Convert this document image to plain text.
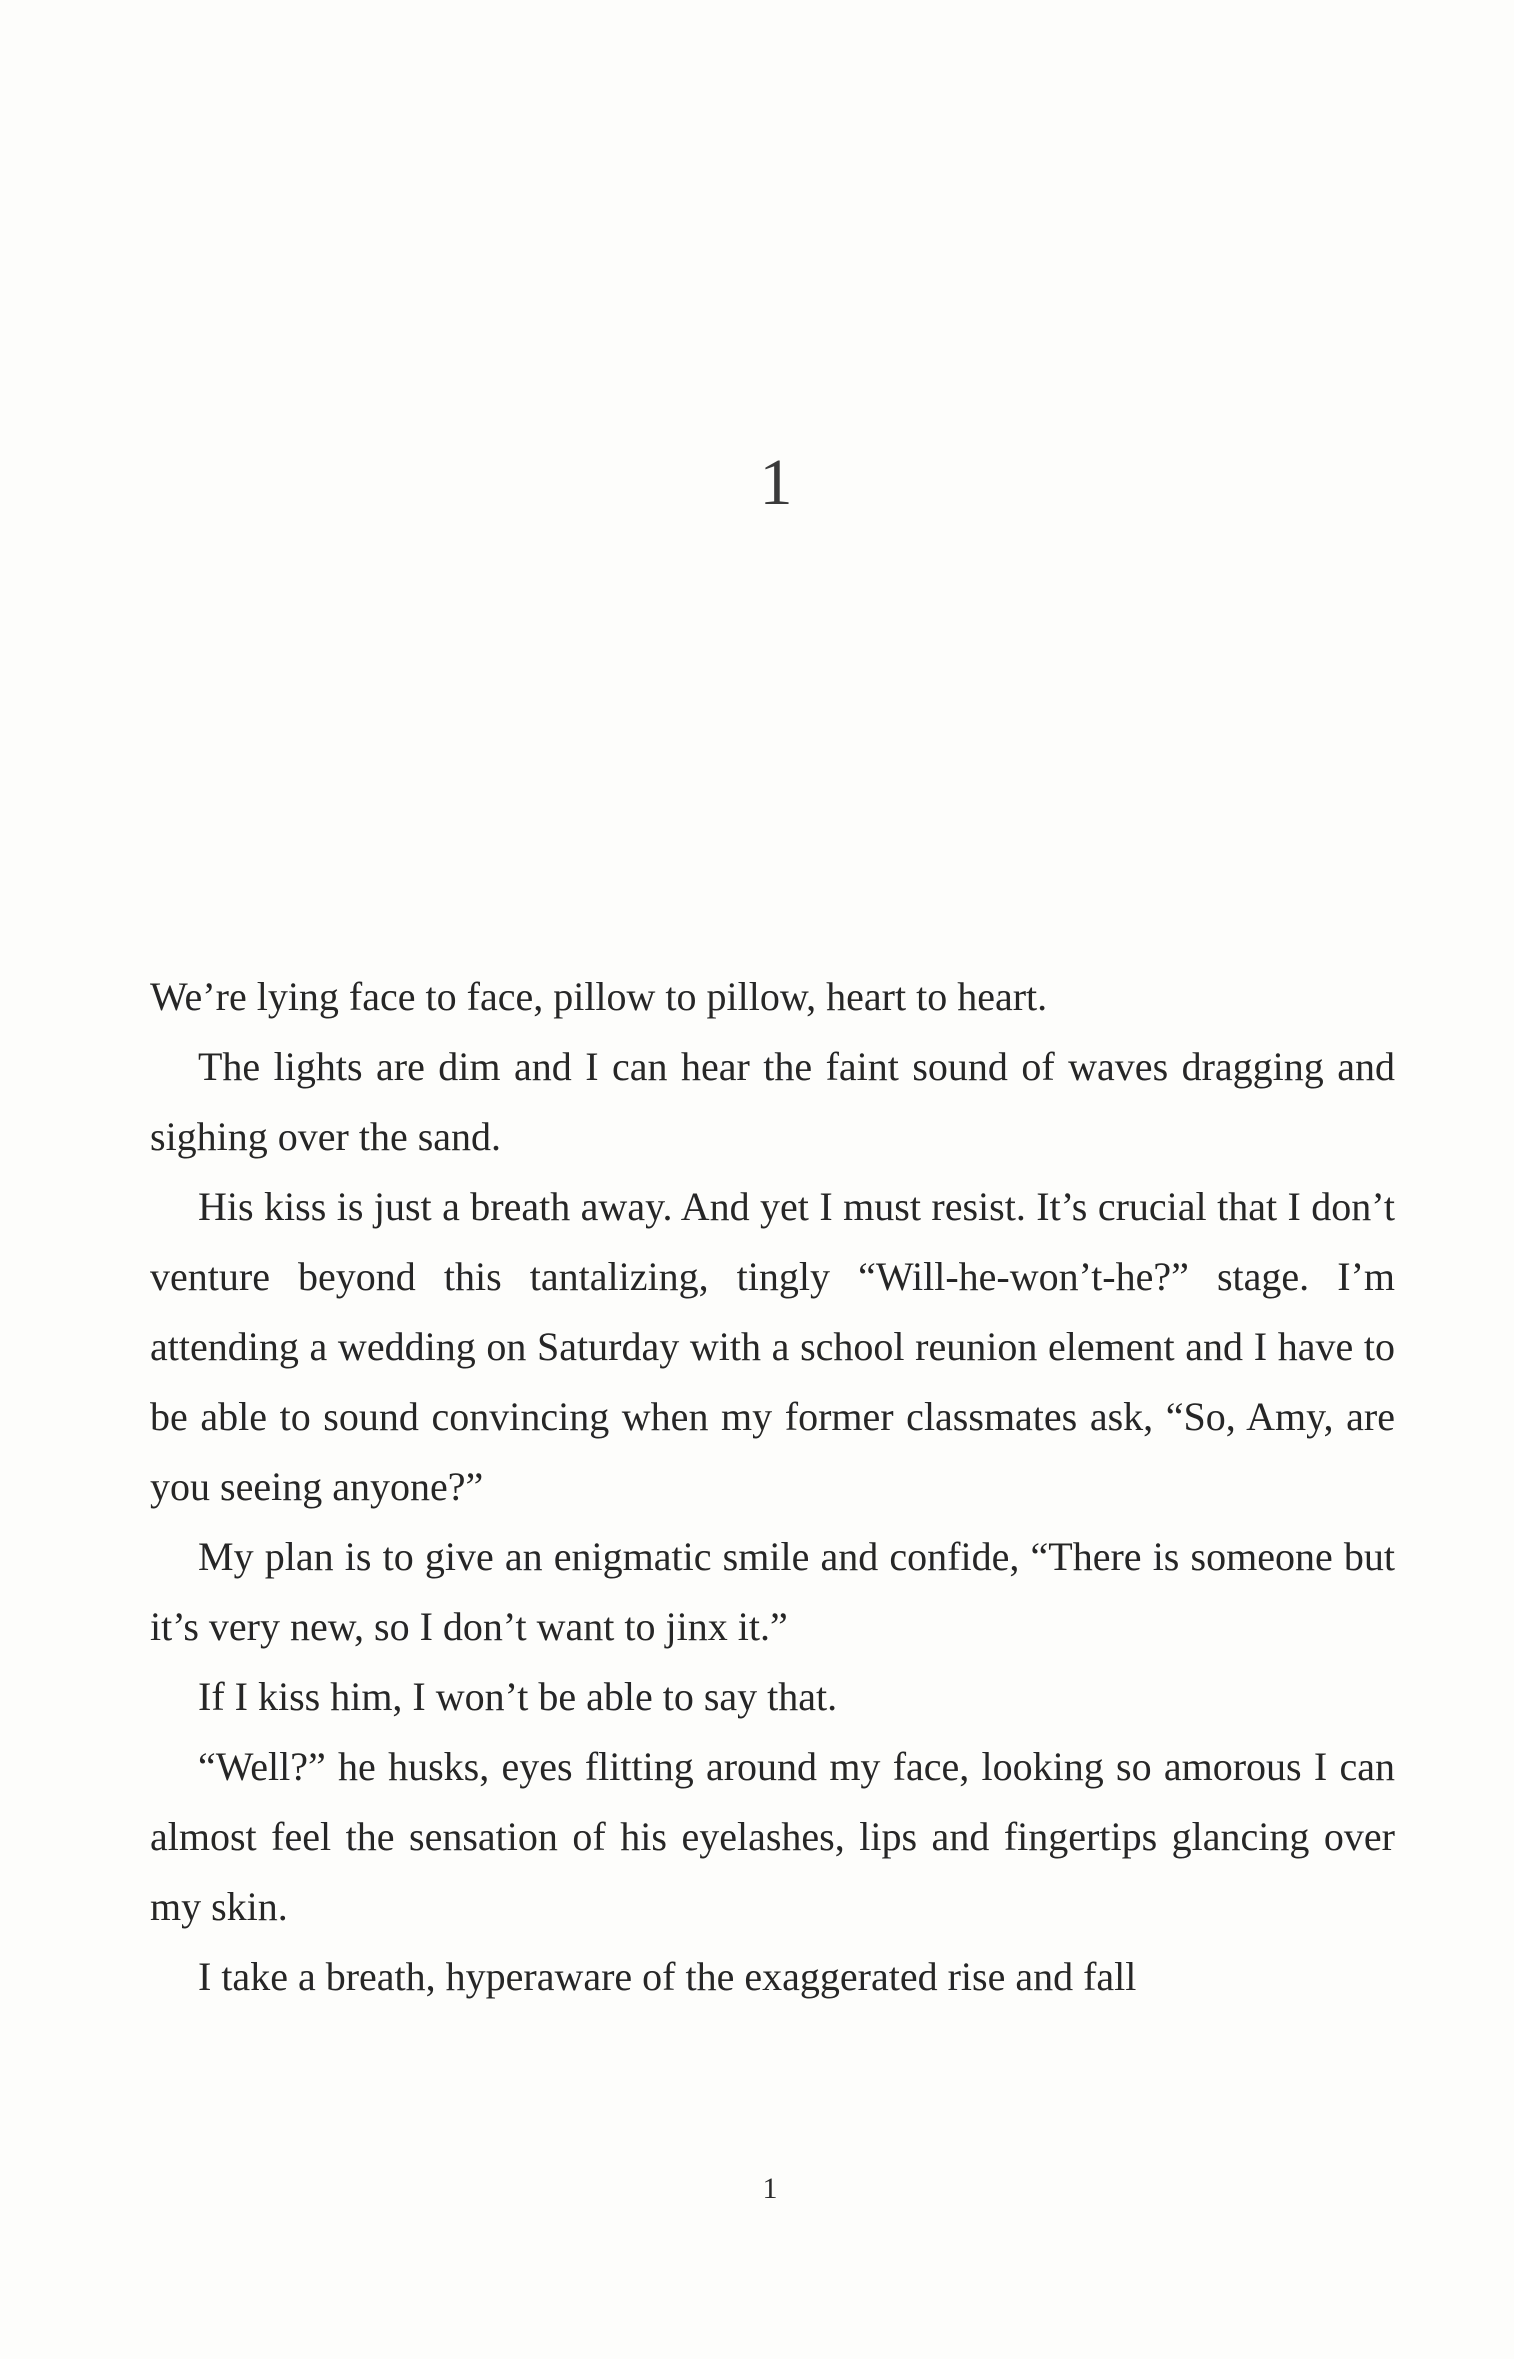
1

We’re lying face to face, pillow to pillow, heart to heart.

The lights are dim and I can hear the faint sound of waves dragging and sighing over the sand.

His kiss is just a breath away. And yet I must resist. It’s crucial that I don’t venture beyond this tantalizing, tingly “Will-he-won’t-he?” stage. I’m attending a wedding on Saturday with a school reunion element and I have to be able to sound convincing when my former classmates ask, “So, Amy, are you seeing anyone?”

My plan is to give an enigmatic smile and confide, “There is someone but it’s very new, so I don’t want to jinx it.”

If I kiss him, I won’t be able to say that.

“Well?” he husks, eyes flitting around my face, looking so amorous I can almost feel the sensation of his eyelashes, lips and fingertips glancing over my skin.

I take a breath, hyperaware of the exaggerated rise and fall

1
